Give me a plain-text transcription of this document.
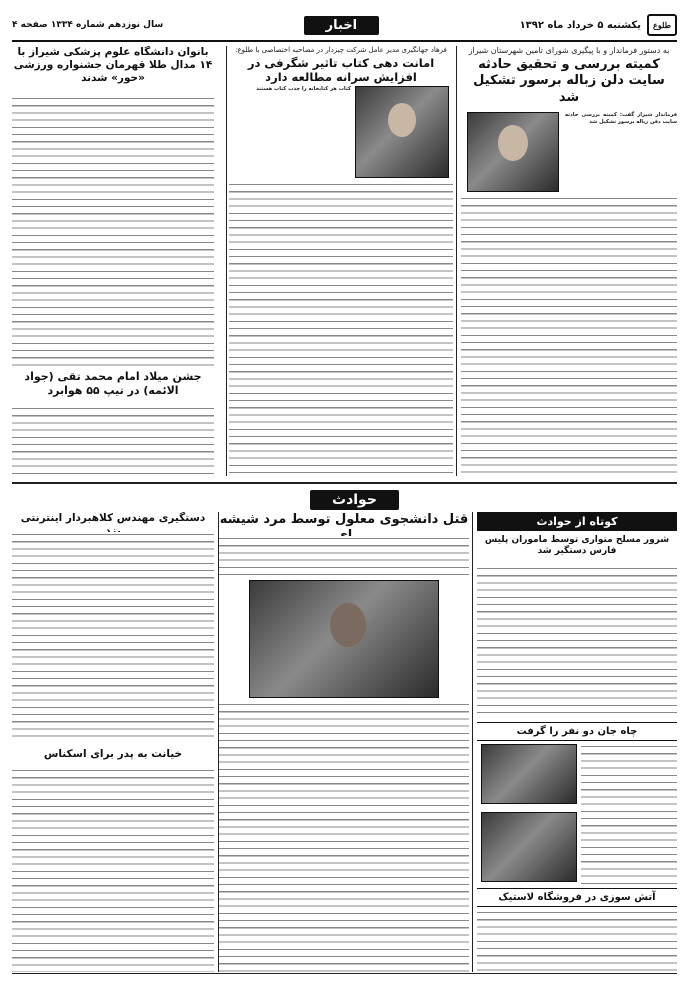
طلوع
یکشنبه ۵ خرداد ماه ۱۳۹۲
اخبار
سال نوزدهم شماره ۱۳۳۴ صفحه ۴
به دستور فرماندار و با پیگیری شورای تامین شهرستان شیراز
کمیته بررسی و تحقیق حادثه سایت دلن زباله برسور تشکیل شد
فرماندار شیراز گفت: کمیته بررسی حادثه سایت دفن زباله برسور تشکیل شد
فرهاد جهانگیری مدیر عامل شرکت چیزدار در مصاحبه اختصاصی با طلوع:
امانت دهی کتاب تاثیر شگرفی در افزایش سرانه مطالعه دارد
کتاب هر کتابخانه را جذب کتاب هستند
بانوان دانشگاه علوم پزشکی شیراز با ۱۴ مدال طلا قهرمان جشنواره ورزشی «حور» شدند
جشن میلاد امام محمد تقی (جواد الائمه) در تیپ ۵۵ هوابرد
حوادث
کوتاه از حوادث
شرور مسلح متواری توسط ماموران پلیس فارس دستگیر شد
چاه جان دو نفر را گرفت
آتش سوزی در فروشگاه لاستیک
قتل دانشجوی معلول توسط مرد شیشه
دستگیری مهندس کلاهبردار اینترنتی
خیانت به پدر برای اسکناس
